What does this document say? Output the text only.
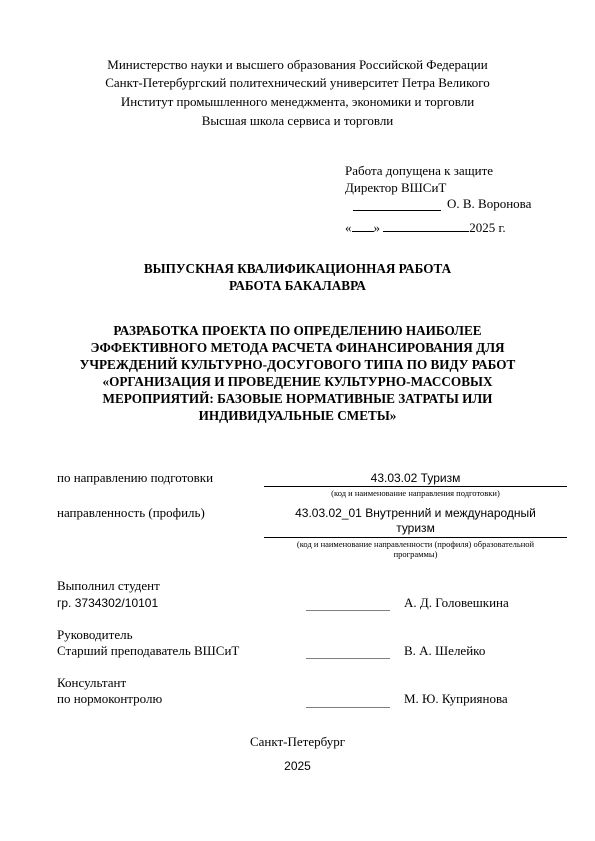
Министерство науки и высшего образования Российской Федерации
Санкт-Петербургский политехнический университет Петра Великого
Институт промышленного менеджмента, экономики и торговли
Высшая школа сервиса и торговли
Работа допущена к защите
Директор ВШСиТ
О. В. Воронова
« »	2025 г.
ВЫПУСКНАЯ КВАЛИФИКАЦИОННАЯ РАБОТА
РАБОТА БАКАЛАВРА
РАЗРАБОТКА ПРОЕКТА ПО ОПРЕДЕЛЕНИЮ НАИБОЛЕЕ
ЭФФЕКТИВНОГО МЕТОДА РАСЧЕТА ФИНАНСИРОВАНИЯ ДЛЯ
УЧРЕЖДЕНИЙ КУЛЬТУРНО-ДОСУГОВОГО ТИПА ПО ВИДУ РАБОТ
«ОРГАНИЗАЦИЯ И ПРОВЕДЕНИЕ КУЛЬТУРНО-МАССОВЫХ
МЕРОПРИЯТИЙ: БАЗОВЫЕ НОРМАТИВНЫЕ ЗАТРАТЫ ИЛИ
ИНДИВИДУАЛЬНЫЕ СМЕТЫ»
по направлению подготовки	43.03.02 Туризм
(код и наименование направления подготовки)
направленность (профиль)	43.03.02_01 Внутренний и международный
туризм
(код и наименование направленности (профиля) образовательной
программы)
Выполнил студент
гр. 3734302/10101	А. Д. Головешкина
Руководитель
Старший преподаватель ВШСиТ	В. А. Шелейко
Консультант
по нормоконтролю	М. Ю. Куприянова
Санкт-Петербург
2025
